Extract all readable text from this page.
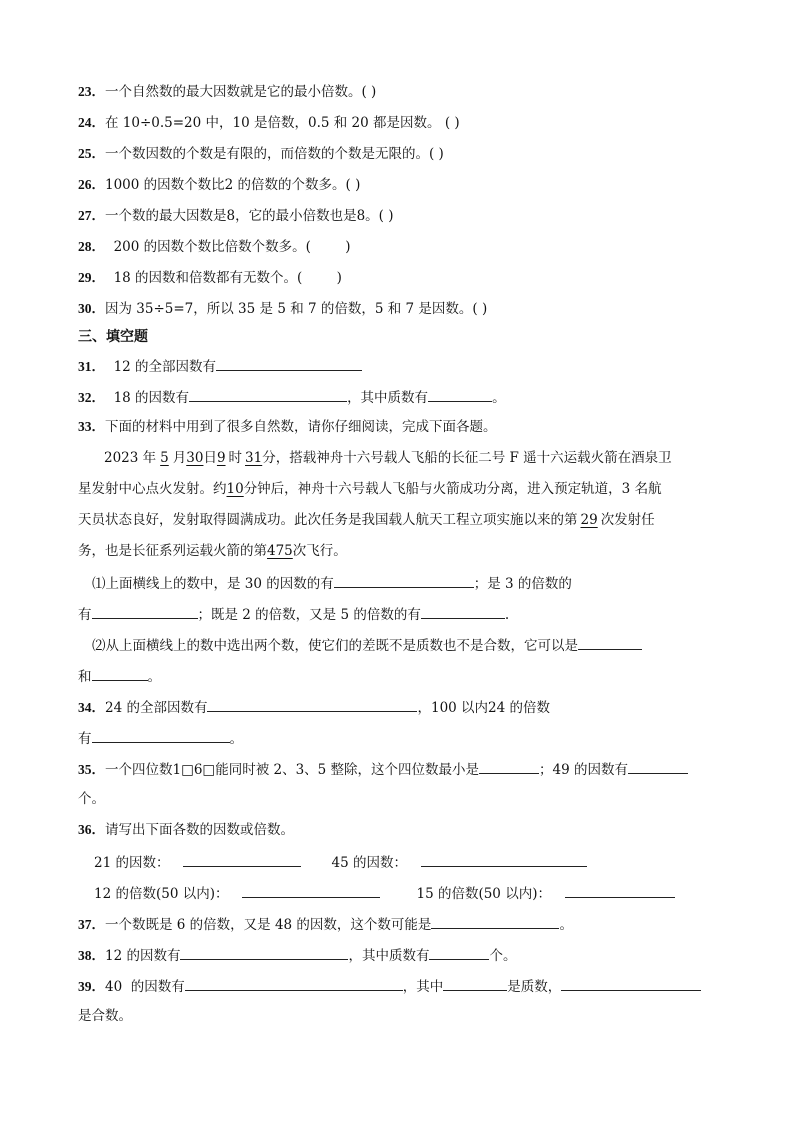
23．一个自然数的最大因数就是它的最小倍数。( )
24．在 10÷0.5=20 中，10 是倍数，0.5 和 20 都是因数。 ( )
25．一个数因数的个数是有限的，而倍数的个数是无限的。( )
26．1000 的因数个数比2 的倍数的个数多。( )
27．一个数的最大因数是8，它的最小倍数也是8。( )
28．  200 的因数个数比倍数个数多。(        )
29．  18 的因数和倍数都有无数个。(        )
30．因为 35÷5=7，所以 35 是 5 和 7 的倍数，5 和 7 是因数。( )
三、填空题
31．  12 的全部因数有
32．  18 的因数有	，其中质数有	。
33．下面的材料中用到了很多自然数，请你仔细阅读，完成下面各题。
2023 年 5 月30日9 时 31分，搭载神舟十六号载人飞船的长征二号 F 遥十六运载火箭在酒泉卫
星发射中心点火发射。约10分钟后，神舟十六号载人飞船与火箭成功分离，进入预定轨道，3 名航
天员状态良好，发射取得圆满成功。此次任务是我国载人航天工程立项实施以来的第 29 次发射任
务，也是长征系列运载火箭的第475次飞行。
⑴上面横线上的数中，是 30 的因数的有	；是 3 的倍数的
有	；既是 2 的倍数，又是 5 的倍数的有	.
⑵从上面横线上的数中选出两个数，使它们的差既不是质数也不是合数，它可以是
和	。
34．24 的全部因数有	，100 以内24 的倍数
有	。
35．一个四位数1□6□能同时被 2、3、5 整除，这个四位数最小是	；49 的因数有
个。
36．请写出下面各数的因数或倍数。
21 的因数：	45 的因数：
12 的倍数(50 以内)：	15 的倍数(50 以内)：
37．一个数既是 6 的倍数，又是 48 的因数，这个数可能是	。
38．12 的因数有	，其中质数有	个。
39．40  的因数有	，其中	是质数，
是合数。
